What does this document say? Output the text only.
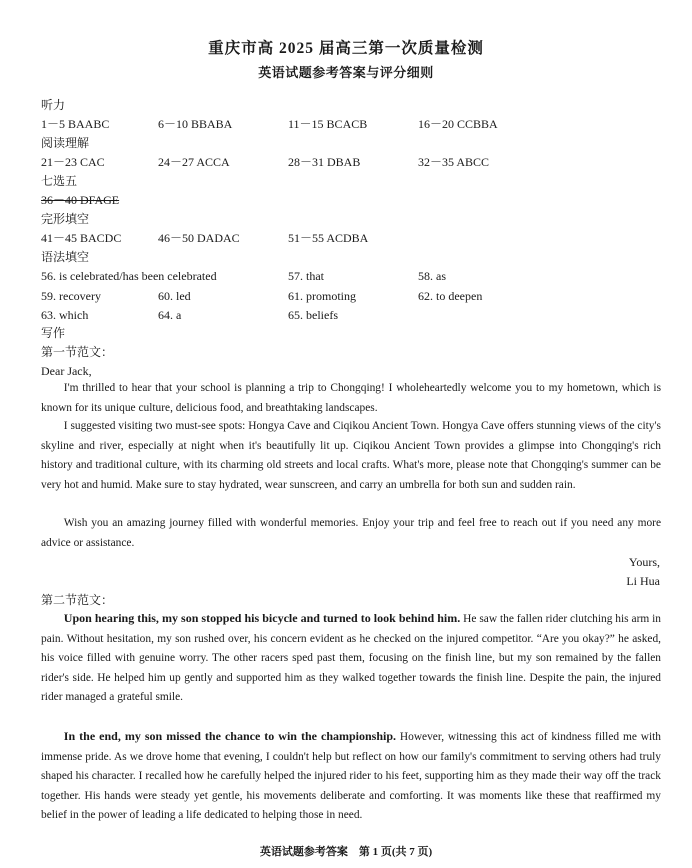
重庆市高 2025 届高三第一次质量检测
英语试题参考答案与评分细则
听力
1－5 BAABC	6－10 BBABA	11－15 BCACB	16－20 CCBBA
阅读理解
21－23 CAC	24－27 ACCA	28－31 DBAB	32－35 ABCC
七选五
36－40 DFAGE
完形填空
41－45 BACDC	46－50 DADAC	51－55 ACDBA
语法填空
56. is celebrated/has been celebrated	57. that	58. as
59. recovery	60. led	61. promoting	62. to deepen
63. which	64. a	65. beliefs
写作
第一节范文：
Dear Jack,
I'm thrilled to hear that your school is planning a trip to Chongqing! I wholeheartedly welcome you to my hometown, which is known for its unique culture, delicious food, and breathtaking landscapes.
I suggested visiting two must-see spots: Hongya Cave and Ciqikou Ancient Town. Hongya Cave offers stunning views of the city's skyline and river, especially at night when it's beautifully lit up. Ciqikou Ancient Town provides a glimpse into Chongqing's rich history and traditional culture, with its charming old streets and local crafts. What's more, please note that Chongqing's summer can be very hot and humid. Make sure to stay hydrated, wear sunscreen, and carry an umbrella for both sun and sudden rain.
Wish you an amazing journey filled with wonderful memories. Enjoy your trip and feel free to reach out if you need any more advice or assistance.
Yours,
Li Hua
第二节范文：
Upon hearing this, my son stopped his bicycle and turned to look behind him. He saw the fallen rider clutching his arm in pain. Without hesitation, my son rushed over, his concern evident as he checked on the injured competitor. “Are you okay?” he asked, his voice filled with genuine worry. The other racers sped past them, focusing on the finish line, but my son remained by the fallen rider's side. He helped him up gently and supported him as they walked together towards the finish line. Despite the pain, the injured rider managed a grateful smile.
In the end, my son missed the chance to win the championship. However, witnessing this act of kindness filled me with immense pride. As we drove home that evening, I couldn't help but reflect on how our family's commitment to serving others had truly shaped his character. I recalled how he carefully helped the injured rider to his feet, supporting him as they made their way off the track together. His hands were steady yet gentle, his movements deliberate and comforting. It was moments like these that reaffirmed my belief in the power of leading a life dedicated to helping those in need.
英语试题参考答案　第 1 页(共 7 页)
